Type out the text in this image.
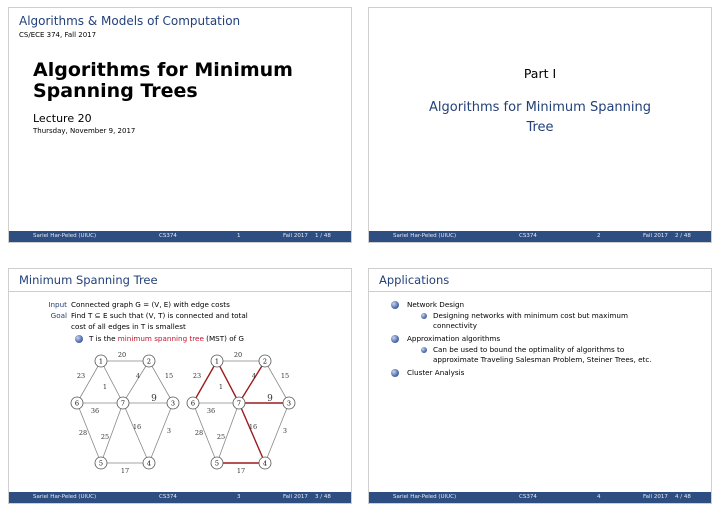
Algorithms & Models of Computation
CS/ECE 374, Fall 2017
Algorithms for Minimum
Spanning Trees
Lecture 20
Thursday, November 9, 2017
Sariel Har-Peled (UIUC)	CS374	1	Fall 2017 1 / 48
Part I
Algorithms for Minimum Spanning
Tree
Sariel Har-Peled (UIUC)	CS374	2	Fall 2017 2 / 48
Minimum Spanning Tree
Input Connected graph G = (V, E) with edge costs
Goal Find T ⊆ E such that (V, T) is connected and total
cost of all edges in T is smallest
T is the minimum spanning tree (MST) of G
20
23
1
4	15
9
36
16	3
28 25
17
20
23
1
4	15
9
36
16	3
28 25
17
1	2
3
4
5
6	7
1	2
3
4
5
6	7
Sariel Har-Peled (UIUC)	CS374	3	Fall 2017 3 / 48
Applications
Network Design
Designing networks with minimum cost but maximum
connectivity
Approximation algorithms
Can be used to bound the optimality of algorithms to
approximate Traveling Salesman Problem, Steiner Trees, etc.
Cluster Analysis
Sariel Har-Peled (UIUC)	CS374	4	Fall 2017 4 / 48
